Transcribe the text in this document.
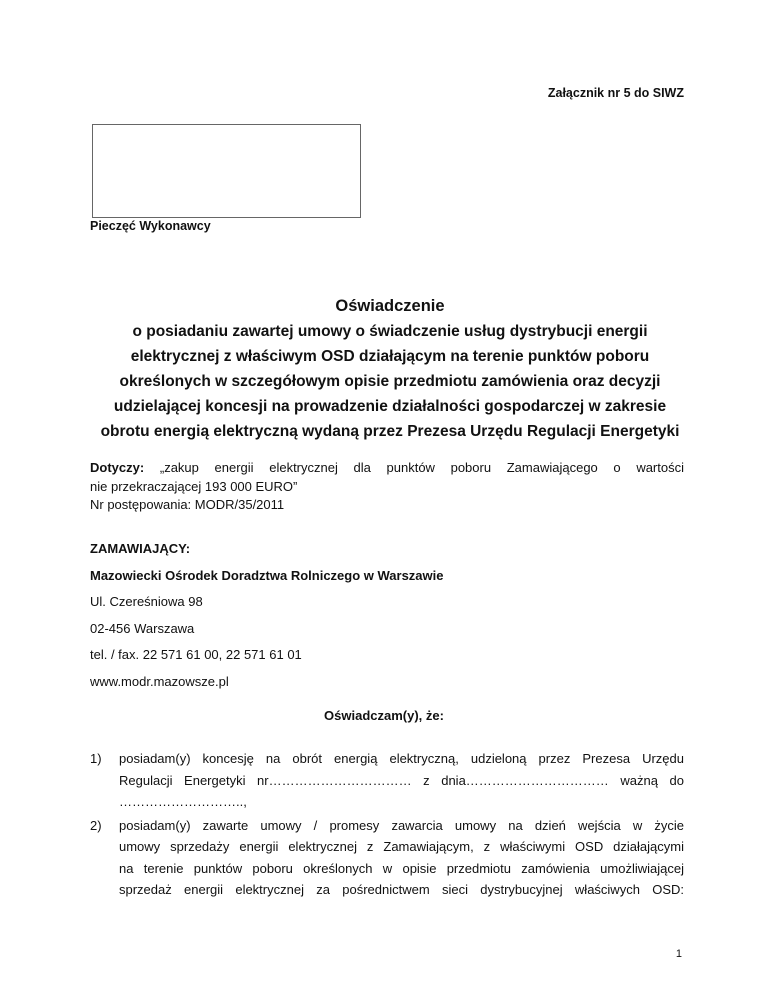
Załącznik nr 5 do SIWZ
Pieczęć Wykonawcy
Oświadczenie
o posiadaniu zawartej umowy o świadczenie usług dystrybucji energii
elektrycznej z właściwym OSD działającym na terenie punktów poboru
określonych w szczegółowym opisie przedmiotu zamówienia oraz decyzji
udzielającej koncesji na prowadzenie działalności gospodarczej w zakresie
obrotu energią elektryczną wydaną przez Prezesa Urzędu Regulacji Energetyki
Dotyczy: „zakup energii elektrycznej dla punktów poboru Zamawiającego o wartości
nie przekraczającej 193 000 EURO”
Nr postępowania: MODR/35/2011
ZAMAWIAJĄCY:
Mazowiecki Ośrodek Doradztwa Rolniczego w Warszawie
Ul. Czereśniowa 98
02-456 Warszawa
tel. / fax. 22 571 61 00, 22 571 61 01
www.modr.mazowsze.pl
Oświadczam(y), że:
1) posiadam(y) koncesję na obrót energią elektryczną, udzieloną przez Prezesa Urzędu
Regulacji Energetyki nr…………………………… z dnia…………………………… ważną do
………………………..,
2) posiadam(y) zawarte umowy / promesy zawarcia umowy na dzień wejścia w życie
umowy sprzedaży energii elektrycznej z Zamawiającym, z właściwymi OSD działającymi
na terenie punktów poboru określonych w opisie przedmiotu zamówienia umożliwiającej
sprzedaż energii elektrycznej za pośrednictwem sieci dystrybucyjnej właściwych OSD:
1
